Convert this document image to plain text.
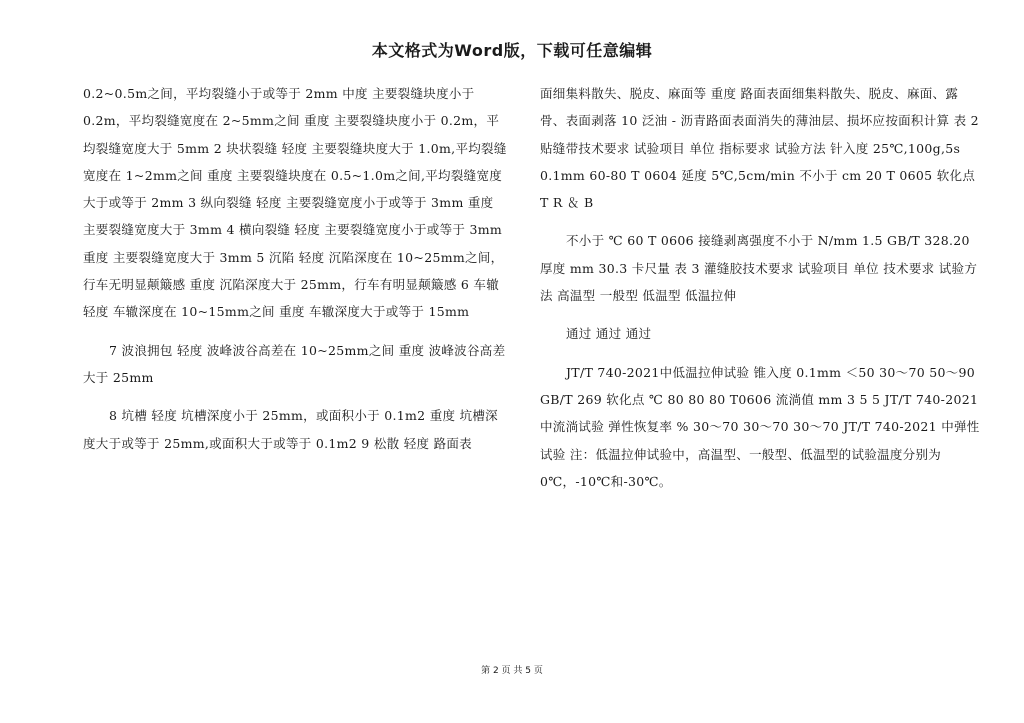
本文格式为Word版，下载可任意编辑

0.2~0.5m之间，平均裂缝小于或等于 2mm 中度 主要裂缝块度小于 0.2m，平均裂缝宽度在 2~5mm之间 重度 主要裂缝块度小于 0.2m，平均裂缝宽度大于 5mm 2 块状裂缝 轻度 主要裂缝块度大于 1.0m,平均裂缝宽度在 1~2mm之间 重度 主要裂缝块度在 0.5~1.0m之间,平均裂缝宽度大于或等于 2mm 3 纵向裂缝 轻度 主要裂缝宽度小于或等于 3mm 重度 主要裂缝宽度大于 3mm 4 横向裂缝 轻度 主要裂缝宽度小于或等于 3mm 重度 主要裂缝宽度大于 3mm 5 沉陷 轻度 沉陷深度在 10~25mm之间，行车无明显颠簸感 重度 沉陷深度大于 25mm，行车有明显颠簸感 6 车辙 轻度 车辙深度在 10~15mm之间 重度 车辙深度大于或等于 15mm

7 波浪拥包 轻度 波峰波谷高差在 10~25mm之间 重度 波峰波谷高差大于 25mm

8 坑槽 轻度 坑槽深度小于 25mm，或面积小于 0.1m2 重度 坑槽深度大于或等于 25mm,或面积大于或等于 0.1m2 9 松散 轻度 路面表

面细集料散失、脱皮、麻面等 重度 路面表面细集料散失、脱皮、麻面、露骨、表面剥落 10 泛油 - 沥青路面表面消失的薄油层、损坏应按面积计算 表 2 贴缝带技术要求 试验项目 单位 指标要求 试验方法 针入度 25℃,100g,5s 0.1mm 60-80 T 0604 延度 5℃,5cm/min 不小于 cm 20 T 0605 软化点 T R ＆ B

不小于 ℃ 60 T 0606 接缝剥离强度不小于 N/mm 1.5 GB/T 328.20 厚度 mm 30.3 卡尺量 表 3 灌缝胶技术要求 试验项目 单位 技术要求 试验方法 高温型 一般型 低温型 低温拉伸

通过 通过 通过

JT/T 740-2021中低温拉伸试验 锥入度 0.1mm ＜50 30～70 50～90 GB/T 269 软化点 ℃ 80 80 80 T0606 流淌值 mm 3 5 5 JT/T 740-2021 中流淌试验 弹性恢复率 % 30～70 30～70 30～70 JT/T 740-2021 中弹性试验 注：低温拉伸试验中，高温型、一般型、低温型的试验温度分别为 0℃，-10℃和-30℃。

第 2 页 共 5 页
